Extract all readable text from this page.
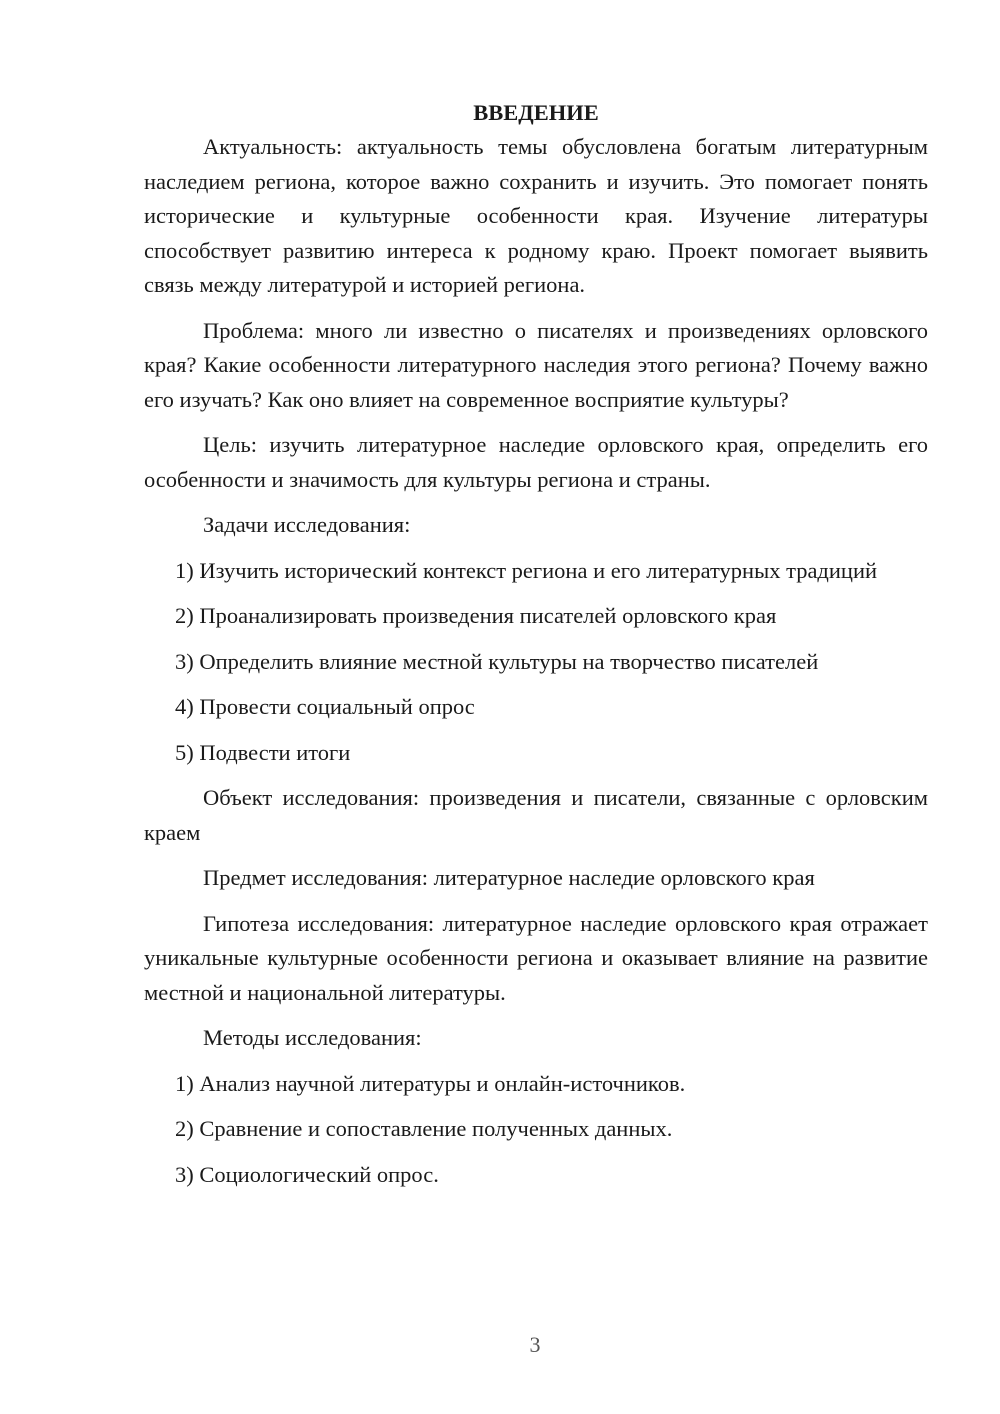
ВВЕДЕНИЕ

Актуальность: актуальность темы обусловлена богатым литературным наследием региона, которое важно сохранить и изучить. Это помогает понять исторические и культурные особенности края. Изучение литературы способствует развитию интереса к родному краю. Проект помогает выявить связь между литературой и историей региона.

Проблема: много ли известно о писателях и произведениях орловского края? Какие особенности литературного наследия этого региона? Почему важно его изучать? Как оно влияет на современное восприятие культуры?

Цель: изучить литературное наследие орловского края, определить его особенности и значимость для культуры региона и страны.

Задачи исследования:

1) Изучить исторический контекст региона и его литературных традиций

2) Проанализировать произведения писателей орловского края

3) Определить влияние местной культуры на творчество писателей

4) Провести социальный опрос

5) Подвести итоги

Объект исследования: произведения и писатели, связанные с орловским краем

Предмет исследования: литературное наследие орловского края

Гипотеза исследования: литературное наследие орловского края отражает уникальные культурные особенности региона и оказывает влияние на развитие местной и национальной литературы.

Методы исследования:

1) Анализ научной литературы и онлайн-источников.

2) Сравнение и сопоставление полученных данных.

3) Социологический опрос.

3
